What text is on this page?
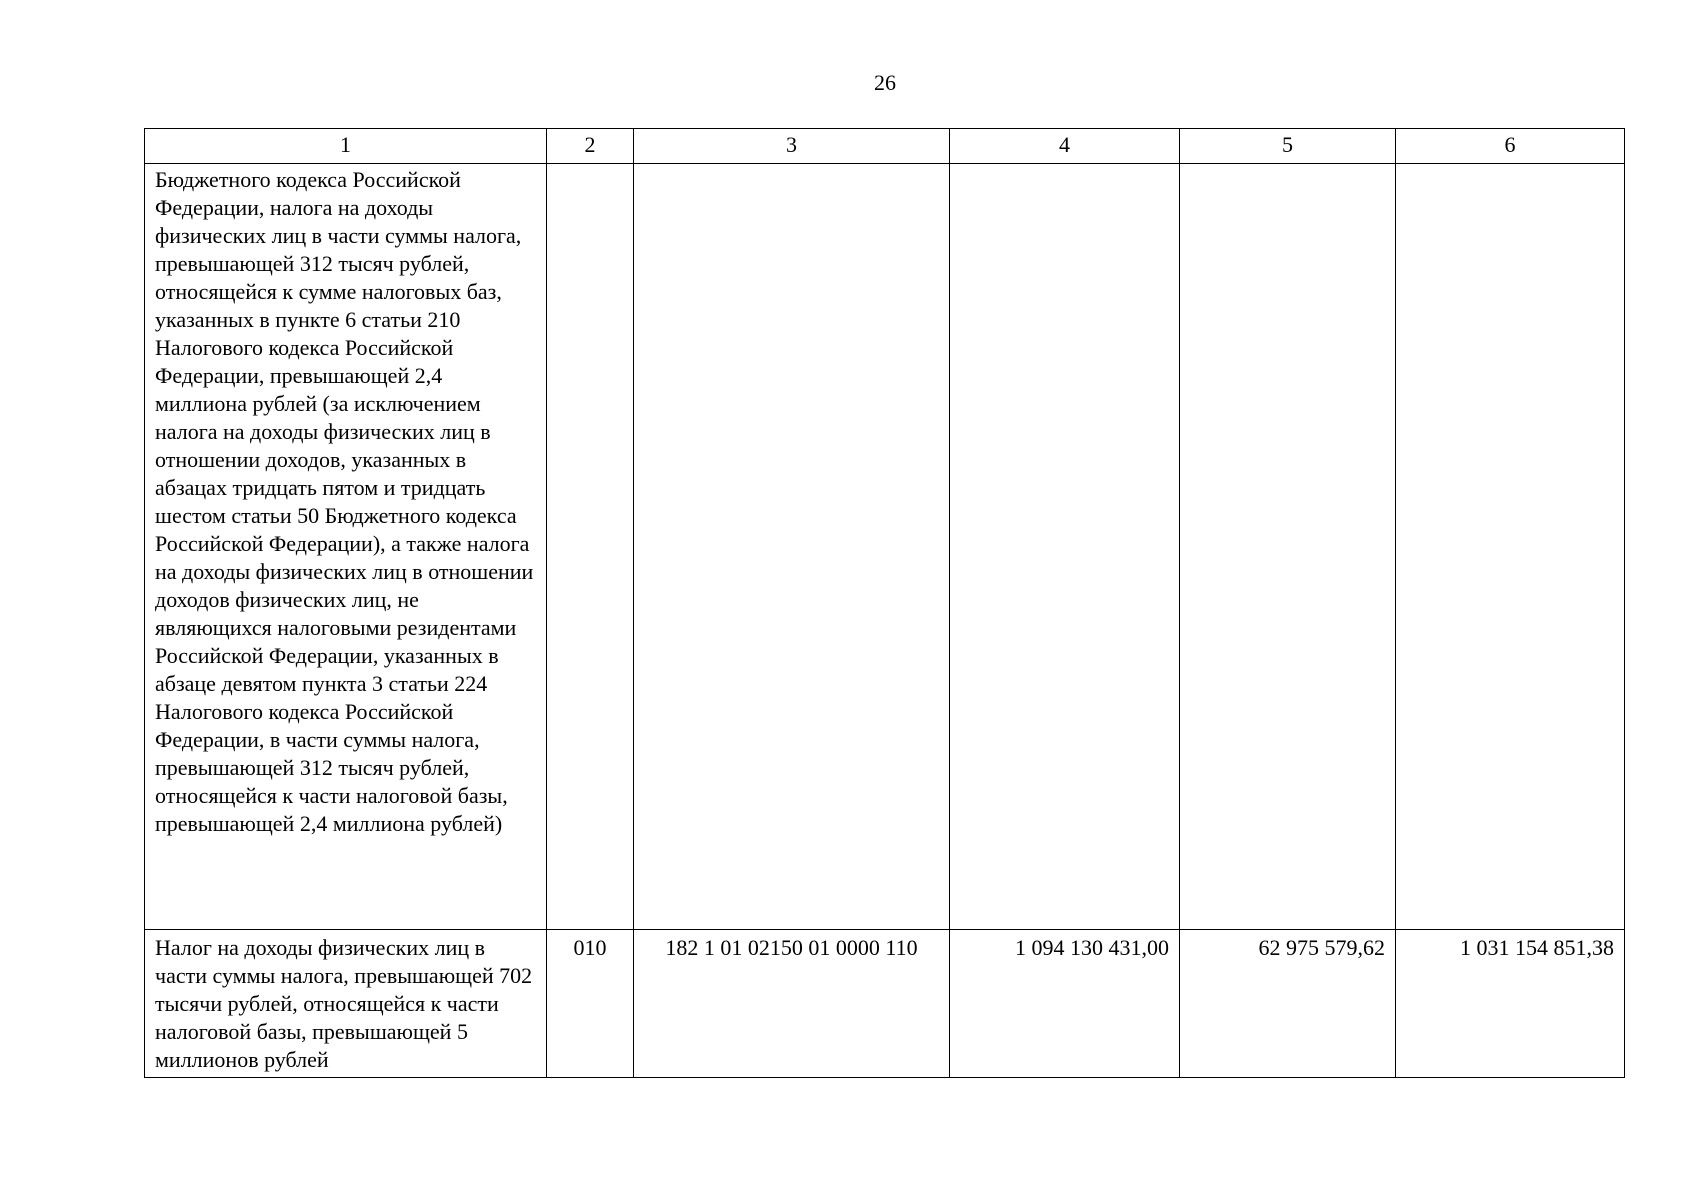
26
1	2	3	4	5	6
Бюджетного кодекса Российской Федерации, налога на доходы физических лиц в части суммы налога, превышающей 312 тысяч рублей, относящейся к сумме налоговых баз, указанных в пункте 6 статьи 210 Налогового кодекса Российской Федерации, превышающей 2,4 миллиона рублей (за исключением налога на доходы физических лиц в отношении доходов, указанных в абзацах тридцать пятом и тридцать шестом статьи 50 Бюджетного кодекса Российской Федерации), а также налога на доходы физических лиц в отношении доходов физических лиц, не являющихся налоговыми резидентами Российской Федерации, указанных в абзаце девятом пункта 3 статьи 224 Налогового кодекса Российской Федерации, в части суммы налога, превышающей 312 тысяч рублей, относящейся к части налоговой базы, превышающей 2,4 миллиона рублей)					
Налог на доходы физических лиц в части суммы налога, превышающей 702 тысячи рублей, относящейся к части налоговой базы, превышающей 5 миллионов рублей	010	182 1 01 02150 01 0000 110	1 094 130 431,00	62 975 579,62	1 031 154 851,38
